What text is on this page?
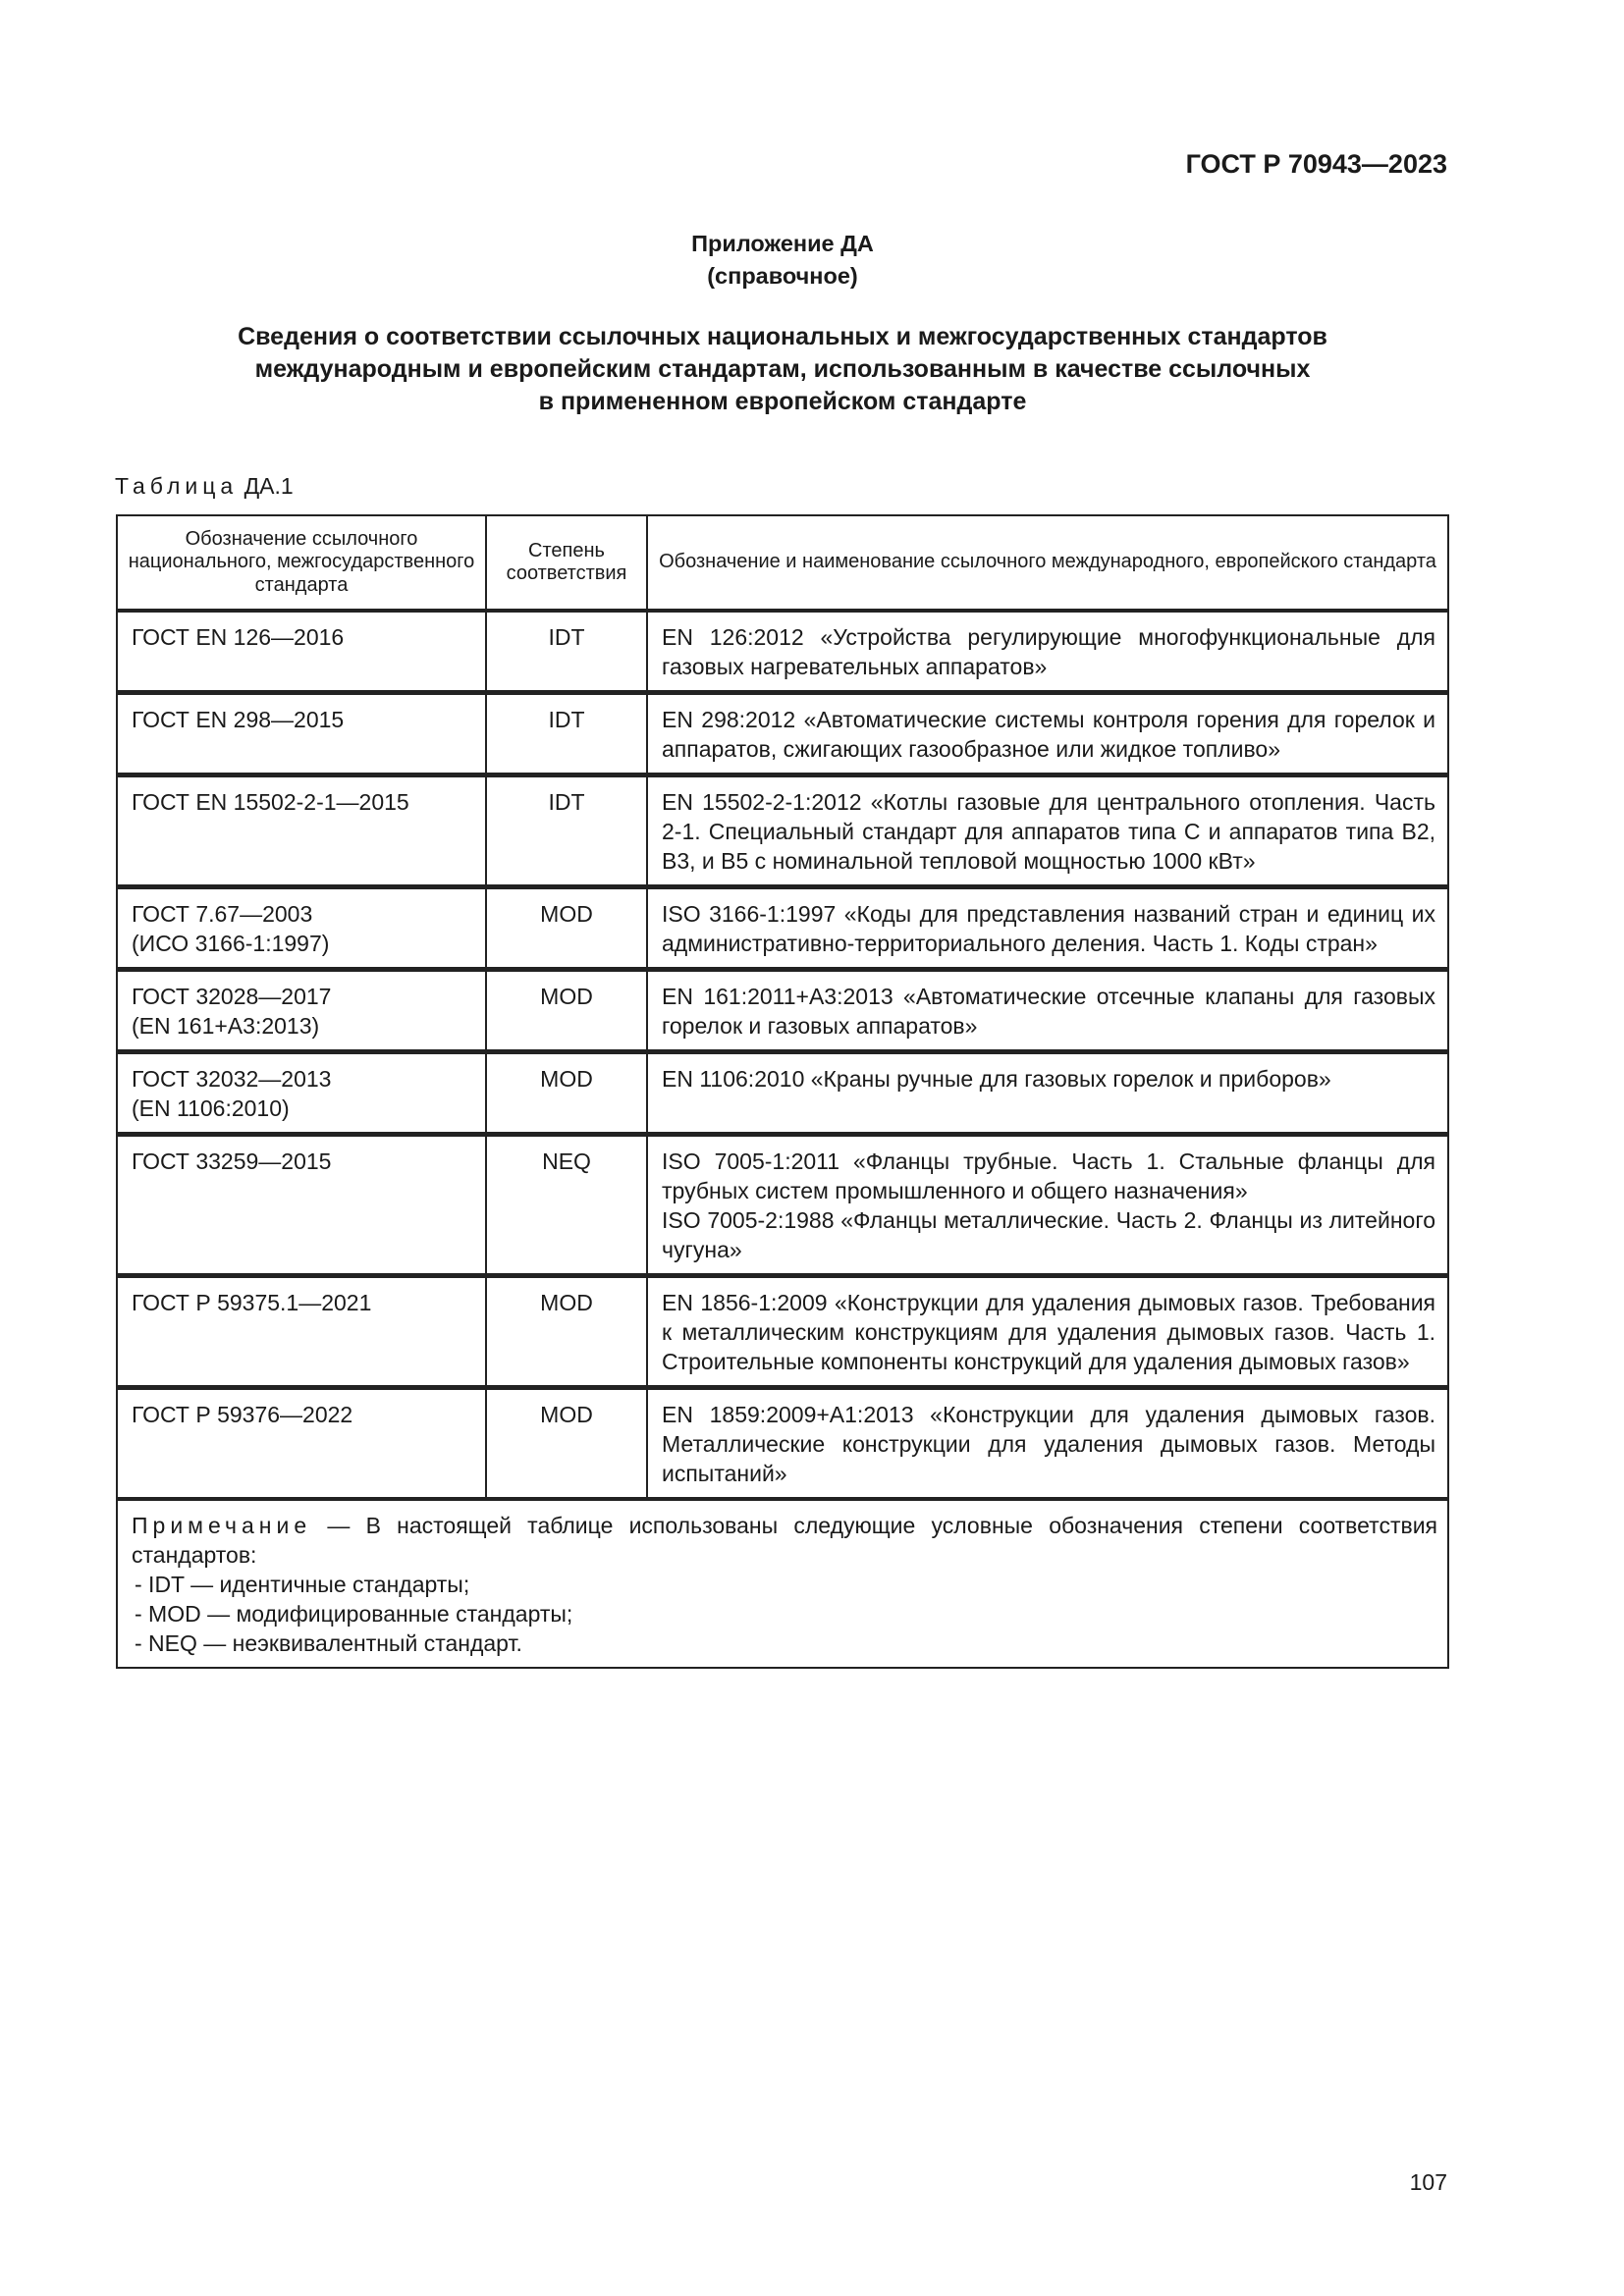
ГОСТ Р 70943—2023
Приложение ДА
(справочное)
Сведения о соответствии ссылочных национальных и межгосударственных стандартов
международным и европейским стандартам, использованным в качестве ссылочных
в примененном европейском стандарте
Таблица ДА.1
Обозначение ссылочного национального, межгосударственного стандарта	Степень соответствия	Обозначение и наименование ссылочного международного, европейского стандарта

ГОСТ EN 126—2016	IDT	EN 126:2012 «Устройства регулирующие многофункциональные для газовых нагревательных аппаратов»

ГОСТ EN 298—2015	IDT	EN 298:2012 «Автоматические системы контроля горения для горелок и аппаратов, сжигающих газообразное или жидкое топливо»

ГОСТ EN 15502-2-1—2015	IDT	EN 15502-2-1:2012 «Котлы газовые для центрального отопления. Часть 2-1. Специальный стандарт для аппаратов типа С и аппаратов типа В2, В3, и В5 с номинальной тепловой мощностью 1000 кВт»

ГОСТ 7.67—2003
(ИСО 3166-1:1997)	MOD	ISO 3166-1:1997 «Коды для представления названий стран и единиц их административно-территориального деления. Часть 1. Коды стран»

ГОСТ 32028—2017
(EN 161+A3:2013)	MOD	EN 161:2011+A3:2013 «Автоматические отсечные клапаны для газовых горелок и газовых аппаратов»

ГОСТ 32032—2013
(EN 1106:2010)	MOD	EN 1106:2010 «Краны ручные для газовых горелок и приборов»

ГОСТ 33259—2015	NEQ	ISO 7005-1:2011 «Фланцы трубные. Часть 1. Стальные фланцы для трубных систем промышленного и общего назначения»
ISO 7005-2:1988 «Фланцы металлические. Часть 2. Фланцы из литейного чугуна»

ГОСТ Р 59375.1—2021	MOD	EN 1856-1:2009 «Конструкции для удаления дымовых газов. Требования к металлическим конструкциям для удаления дымовых газов. Часть 1. Строительные компоненты конструкций для удаления дымовых газов»

ГОСТ Р 59376—2022	MOD	EN 1859:2009+A1:2013 «Конструкции для удаления дымовых газов. Металлические конструкции для удаления дымовых газов. Методы испытаний»

Примечание — В настоящей таблице использованы следующие условные обозначения степени соответствия стандартов:
- IDT — идентичные стандарты;
- MOD — модифицированные стандарты;
- NEQ — неэквивалентный стандарт.		
107
